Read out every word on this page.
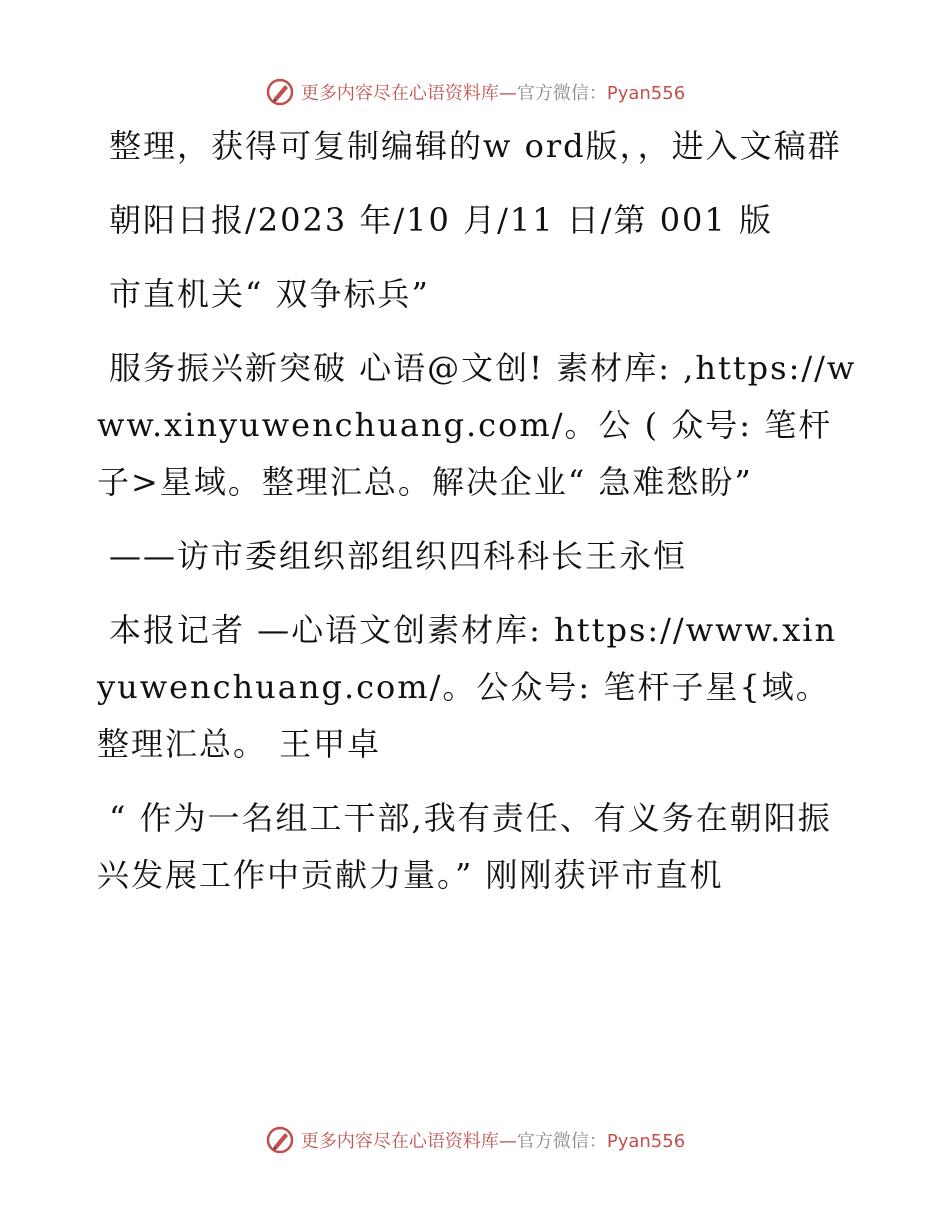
更多内容尽在心语资料库—官方微信：Pyan556

整理，获得可复制编辑的w ord版，，进入文稿群

朝阳日报/2023 年/10 月/11 日/第 001 版

市直机关“ 双争标兵”

服务振兴新突破 心语@文创! 素材库: ,https://www.xinyuwenchuang.com/。公 ( 众号: 笔杆子>星域。整理汇总。解决企业“ 急难愁盼”

——访市委组织部组织四科科长王永恒

本报记者 —心语文创素材库: https://www.xinyuwenchuang.com/。公众号: 笔杆子星{域。整理汇总。 王甲卓

“ 作为一名组工干部,我有责任、有义务在朝阳振兴发展工作中贡献力量。” 刚刚获评市直机

更多内容尽在心语资料库—官方微信：Pyan556
